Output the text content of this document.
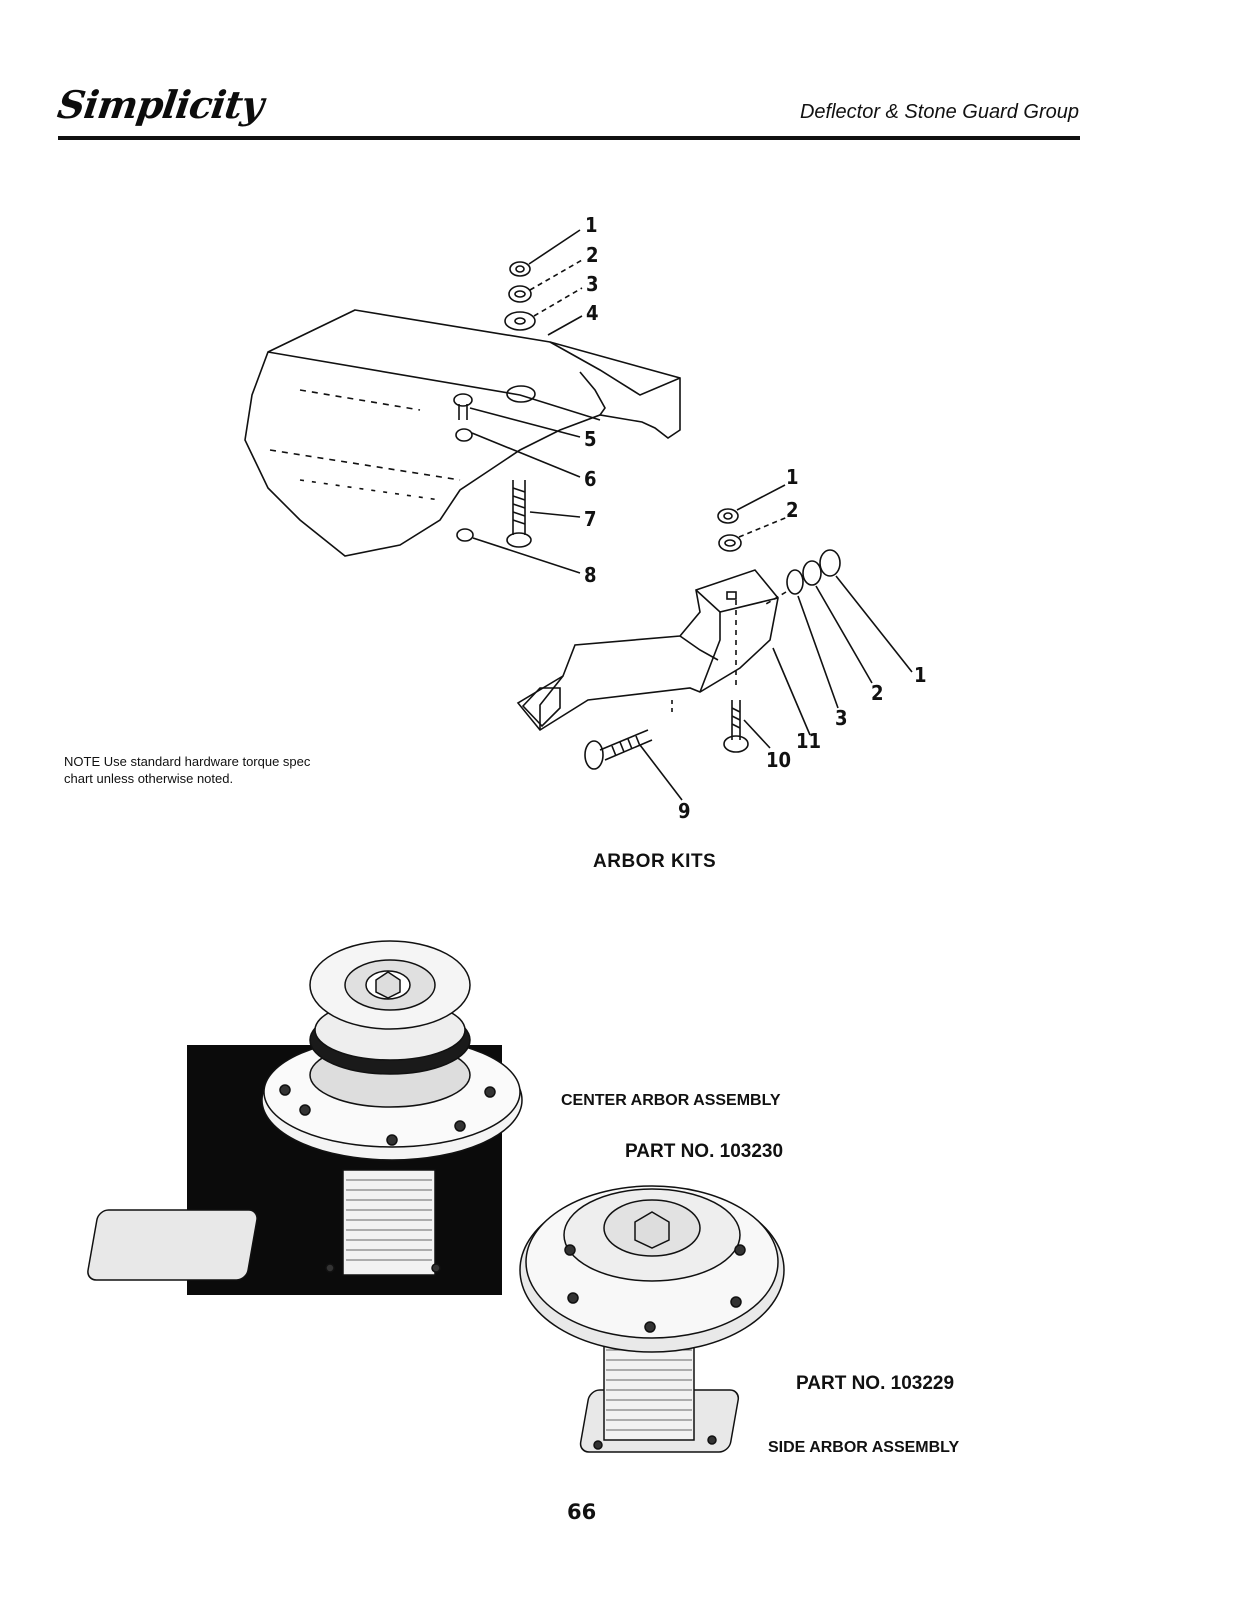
Simplicity	Deflector & Stone Guard Group
1
2
3
4
5
6
7
8
1
2
1
2
3
11
10
9
NOTE Use standard hardware torque spec chart unless otherwise noted.
ARBOR KITS
CENTER ARBOR ASSEMBLY
PART NO. 103230
PART NO. 103229
SIDE ARBOR ASSEMBLY
66
